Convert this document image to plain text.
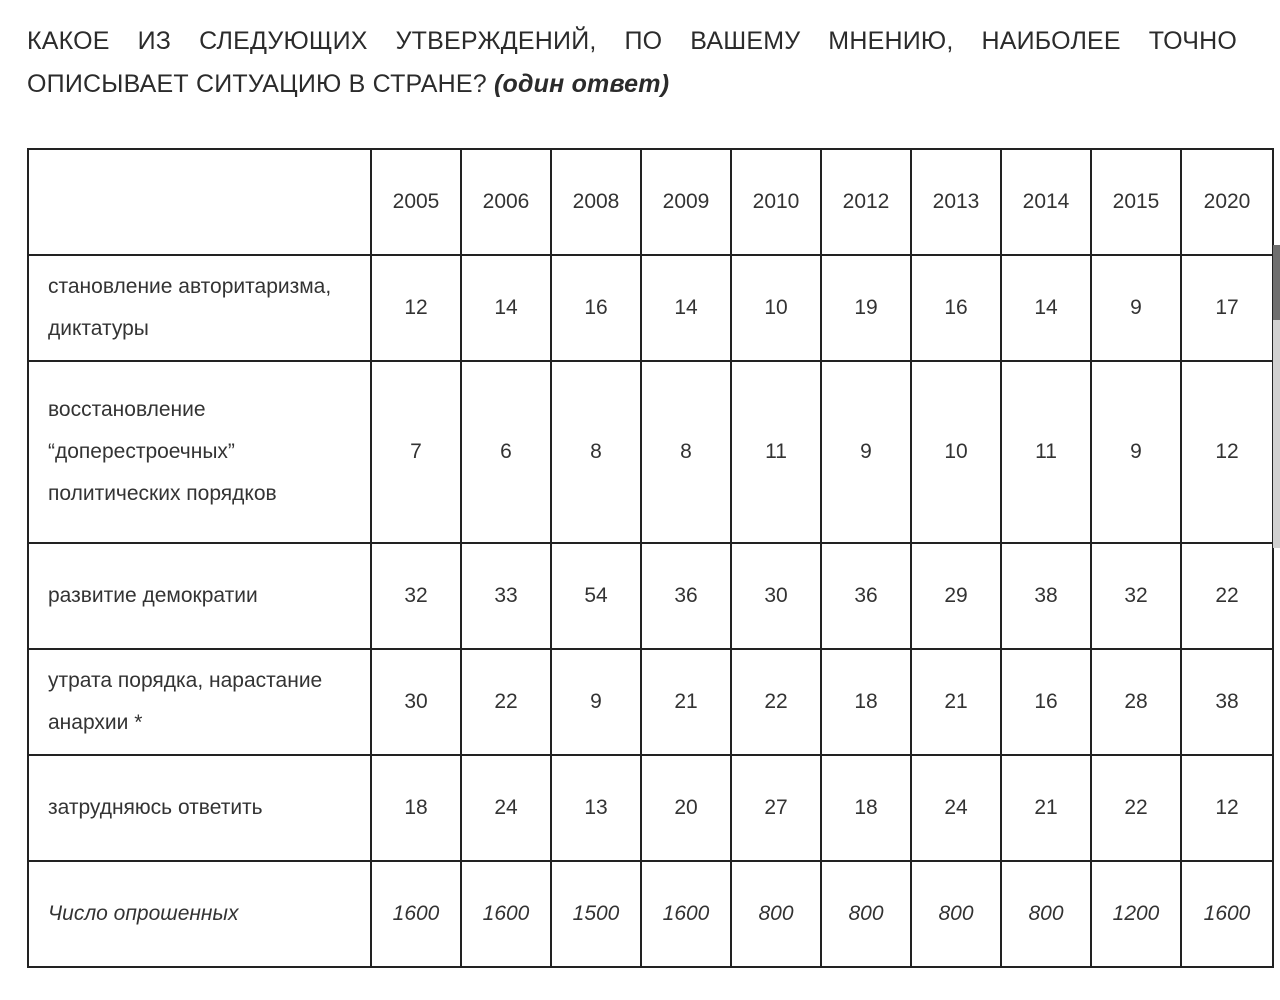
КАКОЕ ИЗ СЛЕДУЮЩИХ УТВЕРЖДЕНИЙ, ПО ВАШЕМУ МНЕНИЮ, НАИБОЛЕЕ ТОЧНО ОПИСЫВАЕТ СИТУАЦИЮ В СТРАНЕ? (один ответ)
	2005	2006	2008	2009	2010	2012	2013	2014	2015	2020
становление авторитаризма, диктатуры	12	14	16	14	10	19	16	14	9	17
восстановление “доперестроечных” политических порядков	7	6	8	8	11	9	10	11	9	12
развитие демократии	32	33	54	36	30	36	29	38	32	22
утрата порядка, нарастание анархии *	30	22	9	21	22	18	21	16	28	38
затрудняюсь ответить	18	24	13	20	27	18	24	21	22	12
Число опрошенных	1600	1600	1500	1600	800	800	800	800	1200	1600
